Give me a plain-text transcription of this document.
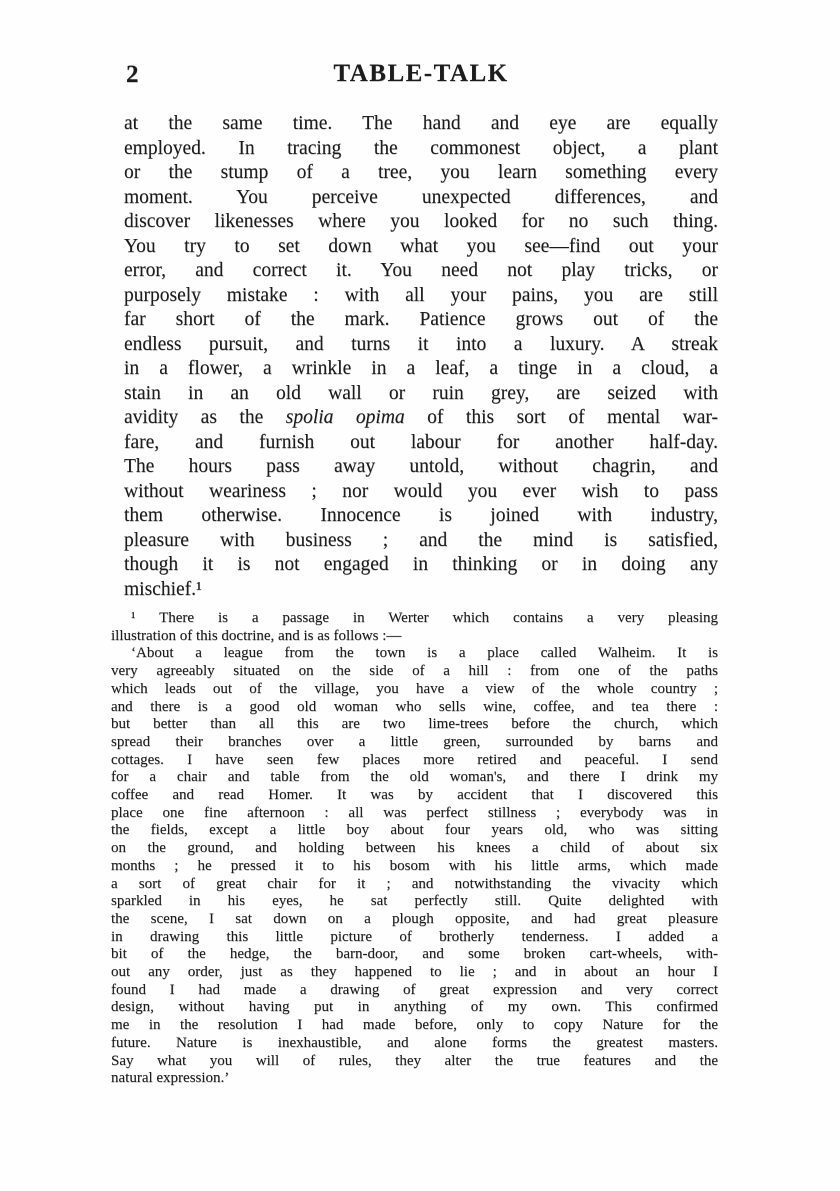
2	TABLE-TALK
at the same time. The hand and eye are equally
employed. In tracing the commonest object, a plant
or the stump of a tree, you learn something every
moment. You perceive unexpected differences, and
discover likenesses where you looked for no such thing.
You try to set down what you see—find out your
error, and correct it. You need not play tricks, or
purposely mistake : with all your pains, you are still
far short of the mark. Patience grows out of the
endless pursuit, and turns it into a luxury. A streak
in a flower, a wrinkle in a leaf, a tinge in a cloud, a
stain in an old wall or ruin grey, are seized with
avidity as the spolia opima of this sort of mental war-
fare, and furnish out labour for another half-day.
The hours pass away untold, without chagrin, and
without weariness ; nor would you ever wish to pass
them otherwise. Innocence is joined with industry,
pleasure with business ; and the mind is satisfied,
though it is not engaged in thinking or in doing any
mischief.¹
¹ There is a passage in Werter which contains a very pleasing
illustration of this doctrine, and is as follows :—
‘About a league from the town is a place called Walheim. It is
very agreeably situated on the side of a hill : from one of the paths
which leads out of the village, you have a view of the whole country ;
and there is a good old woman who sells wine, coffee, and tea there :
but better than all this are two lime-trees before the church, which
spread their branches over a little green, surrounded by barns and
cottages. I have seen few places more retired and peaceful. I send
for a chair and table from the old woman's, and there I drink my
coffee and read Homer. It was by accident that I discovered this
place one fine afternoon : all was perfect stillness ; everybody was in
the fields, except a little boy about four years old, who was sitting
on the ground, and holding between his knees a child of about six
months ; he pressed it to his bosom with his little arms, which made
a sort of great chair for it ; and notwithstanding the vivacity which
sparkled in his eyes, he sat perfectly still. Quite delighted with
the scene, I sat down on a plough opposite, and had great pleasure
in drawing this little picture of brotherly tenderness. I added a
bit of the hedge, the barn-door, and some broken cart-wheels, with-
out any order, just as they happened to lie ; and in about an hour I
found I had made a drawing of great expression and very correct
design, without having put in anything of my own. This confirmed
me in the resolution I had made before, only to copy Nature for the
future. Nature is inexhaustible, and alone forms the greatest masters.
Say what you will of rules, they alter the true features and the
natural expression.’
